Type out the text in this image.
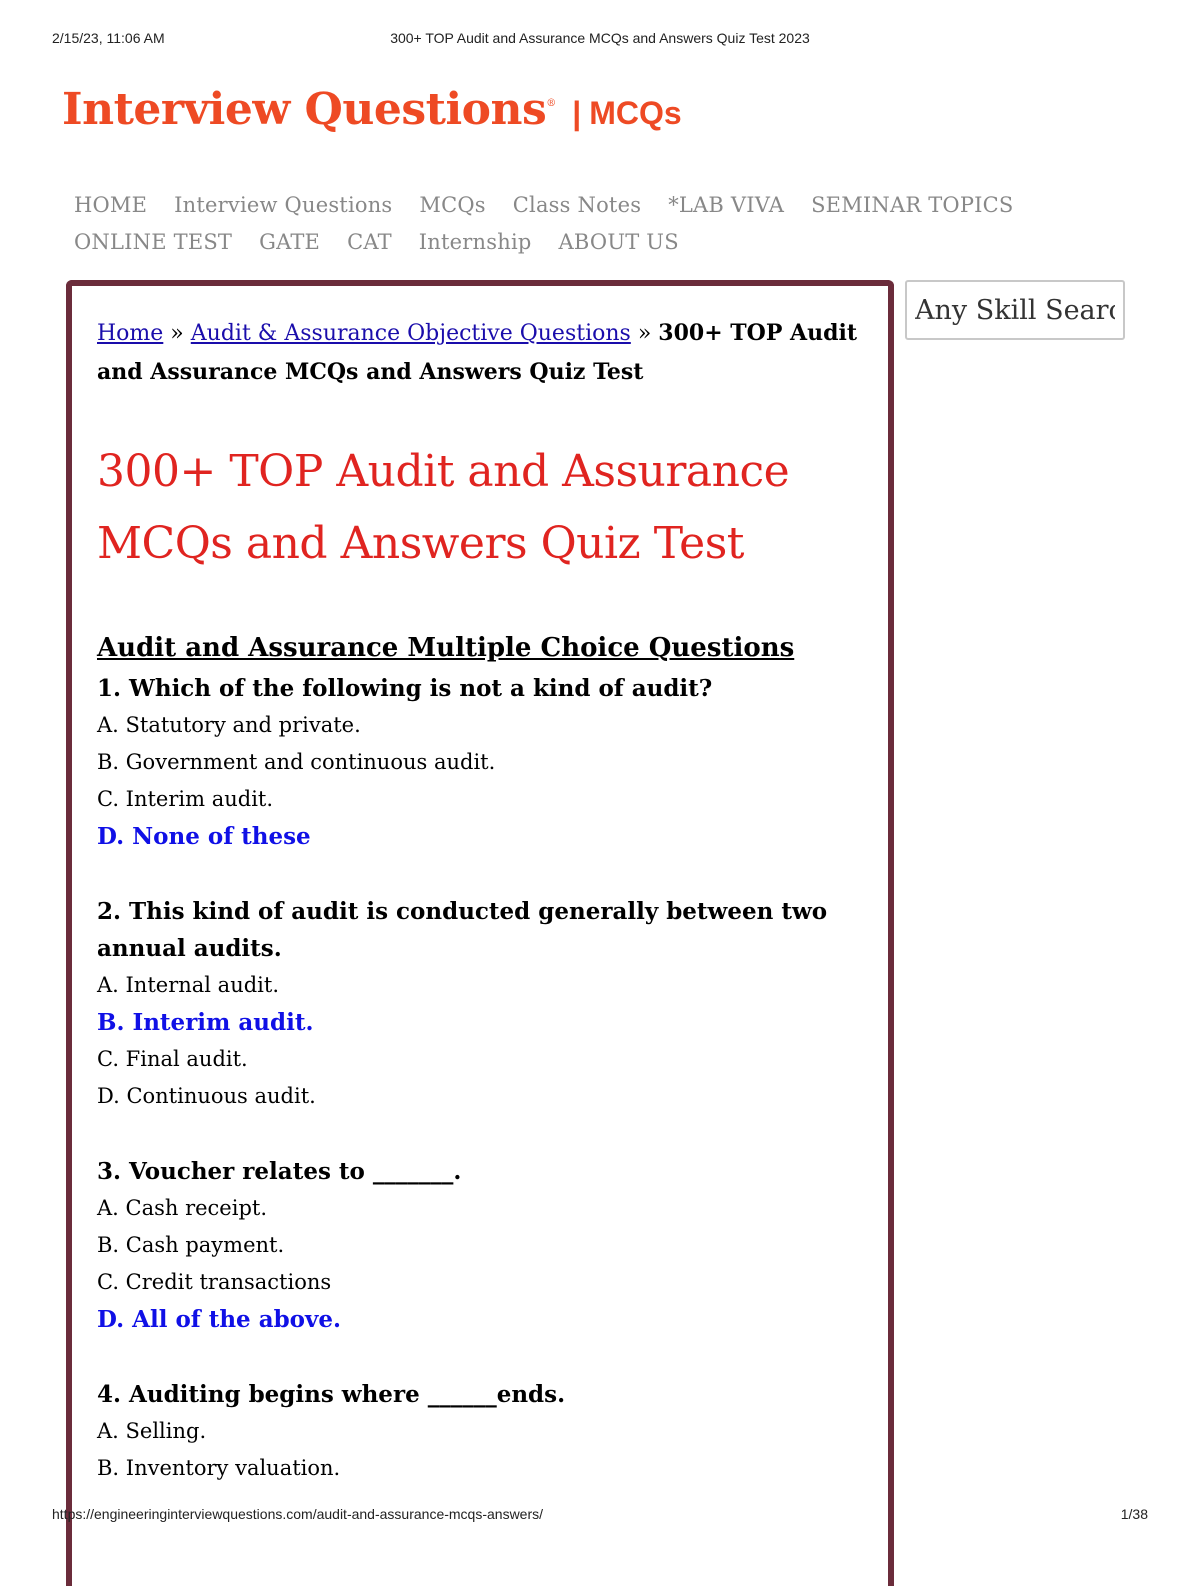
2/15/23, 11:06 AM	300+ TOP Audit and Assurance MCQs and Answers Quiz Test 2023
Interview Questions® | MCQs
HOME Interview Questions MCQs Class Notes *LAB VIVA SEMINAR TOPICS
ONLINE TEST GATE CAT Internship ABOUT US
Home » Audit & Assurance Objective Questions » 300+ TOP Audit and Assurance MCQs and Answers Quiz Test
300+ TOP Audit and Assurance MCQs and Answers Quiz Test
Audit and Assurance Multiple Choice Questions

1. Which of the following is not a kind of audit?

A. Statutory and private.

B. Government and continuous audit.

C. Interim audit.

D. None of these

2. This kind of audit is conducted generally between two annual audits.

A. Internal audit.

B. Interim audit.

C. Final audit.

D. Continuous audit.

3. Voucher relates to _______.

A. Cash receipt.

B. Cash payment.

C. Credit transactions

D. All of the above.

4. Auditing begins where ______ends.

A. Selling.

B. Inventory valuation.

Any Skill Search
https://engineeringinterviewquestions.com/audit-and-assurance-mcqs-answers/	1/38
